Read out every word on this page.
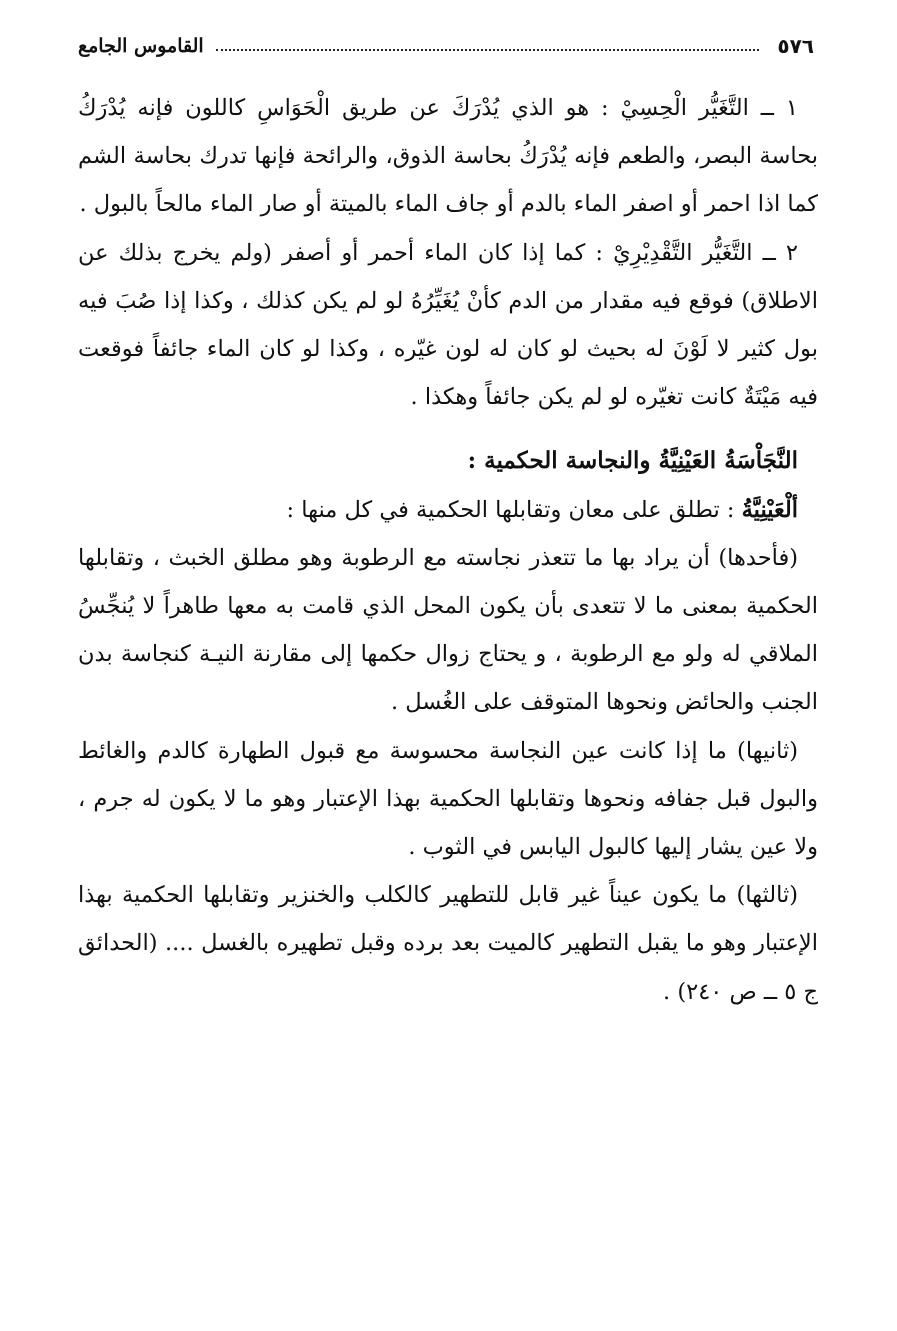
٥٧٦
القاموس الجامع

١ ــ التَّغَيُّر الْحِسِيْ : هو الذي يُدْرَكَ عن طريق الْحَوَاسِ كاللون فإنه يُدْرَكُ بحاسة البصر، والطعم فإنه يُدْرَكُ بحاسة الذوق، والرائحة فإنها تدرك بحاسة الشم كما اذا احمر أو اصفر الماء بالدم أو جاف الماء بالميتة أو صار الماء مالحاً بالبول .

٢ ــ التَّغَيُّر التَّقْدِيْرِيْ : كما إذا كان الماء أحمر أو أصفر (ولم يخرج بذلك عن الاطلاق) فوقع فيه مقدار من الدم كأنْ يُغَيِّرُهُ لو لم يكن كذلك ، وكذا إذا صُبَ فيه بول كثير لا لَوْنَ له بحيث لو كان له لون غيّره ، وكذا لو كان الماء جائفاً فوقعت فيه مَيْتَةٌ كانت تغيّره لو لم يكن جائفاً وهكذا .

النَّجَاْسَةُ العَيْنِيَّةُ والنجاسة الحكمية :

ألْعَيْنِيَّةُ : تطلق على معان وتقابلها الحكمية في كل منها :

(فأحدها) أن يراد بها ما تتعذر نجاسته مع الرطوبة وهو مطلق الخبث ، وتقابلها الحكمية بمعنى ما لا تتعدى بأن يكون المحل الذي قامت به معها طاهراً لا يُنجِّسُ الملاقي له ولو مع الرطوبة ، و يحتاج زوال حكمها إلى مقارنة النيـة كنجاسة بدن الجنب والحائض ونحوها المتوقف على الغُسل .

(ثانيها) ما إذا كانت عين النجاسة محسوسة مع قبول الطهارة كالدم والغائط والبول قبل جفافه ونحوها وتقابلها الحكمية بهذا الإعتبار وهو ما لا يكون له جرم ، ولا عين يشار إليها كالبول اليابس في الثوب .

(ثالثها) ما يكون عيناً غير قابل للتطهير كالكلب والخنزير وتقابلها الحكمية بهذا الإعتبار وهو ما يقبل التطهير كالميت بعد برده وقبل تطهيره بالغسل .... (الحدائق ج ٥ ــ ص ٢٤٠) .
